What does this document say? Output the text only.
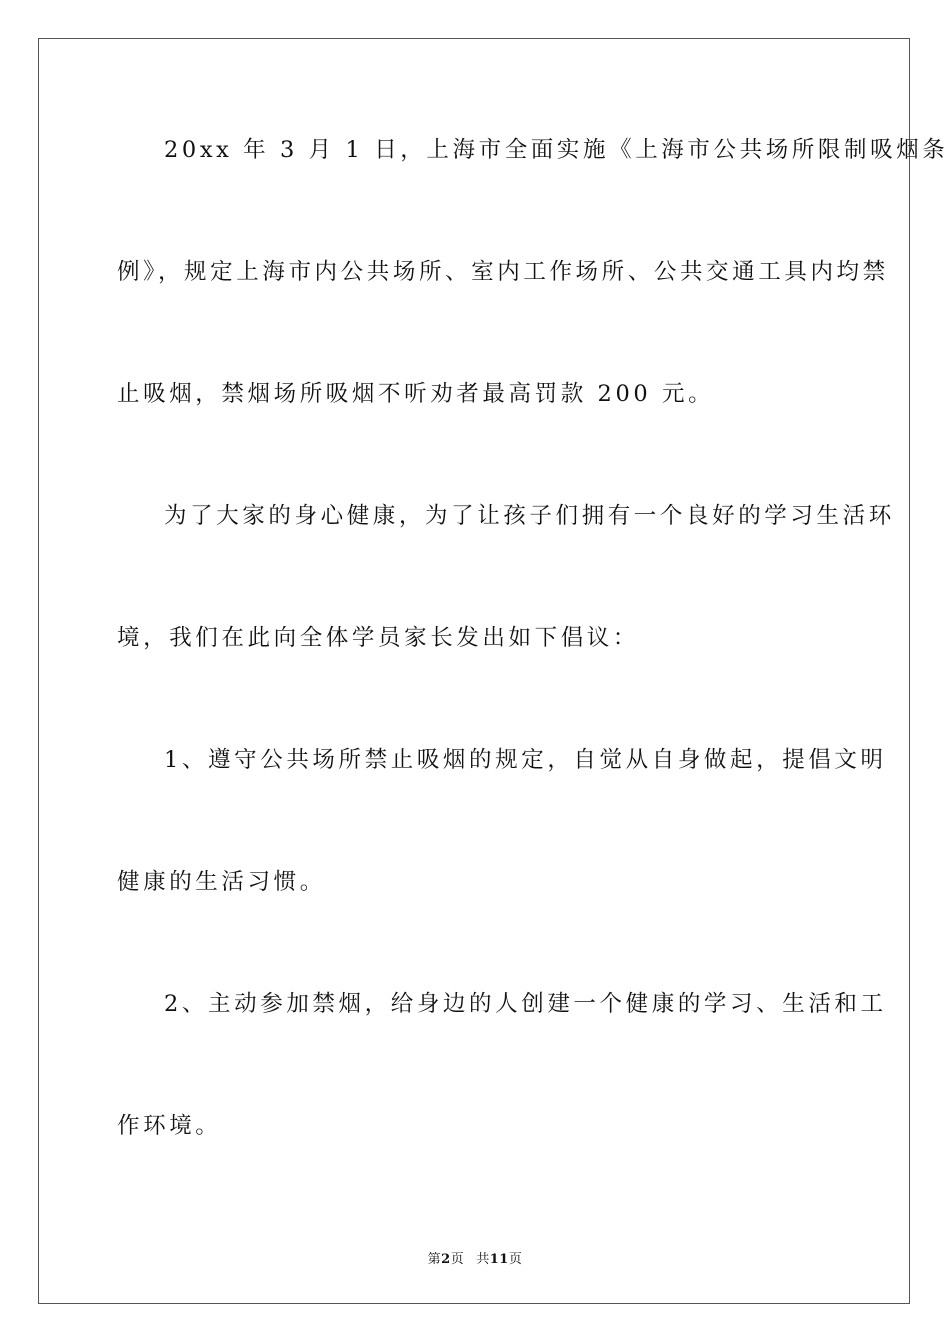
20xx 年 3 月 1 日，上海市全面实施《上海市公共场所限制吸烟条
例》，规定上海市内公共场所、室内工作场所、公共交通工具内均禁
止吸烟，禁烟场所吸烟不听劝者最高罚款 200 元。
为了大家的身心健康，为了让孩子们拥有一个良好的学习生活环
境，我们在此向全体学员家长发出如下倡议：
1、遵守公共场所禁止吸烟的规定，自觉从自身做起，提倡文明
健康的生活习惯。
2、主动参加禁烟，给身边的人创建一个健康的学习、生活和工
作环境。
第2页 共11页
